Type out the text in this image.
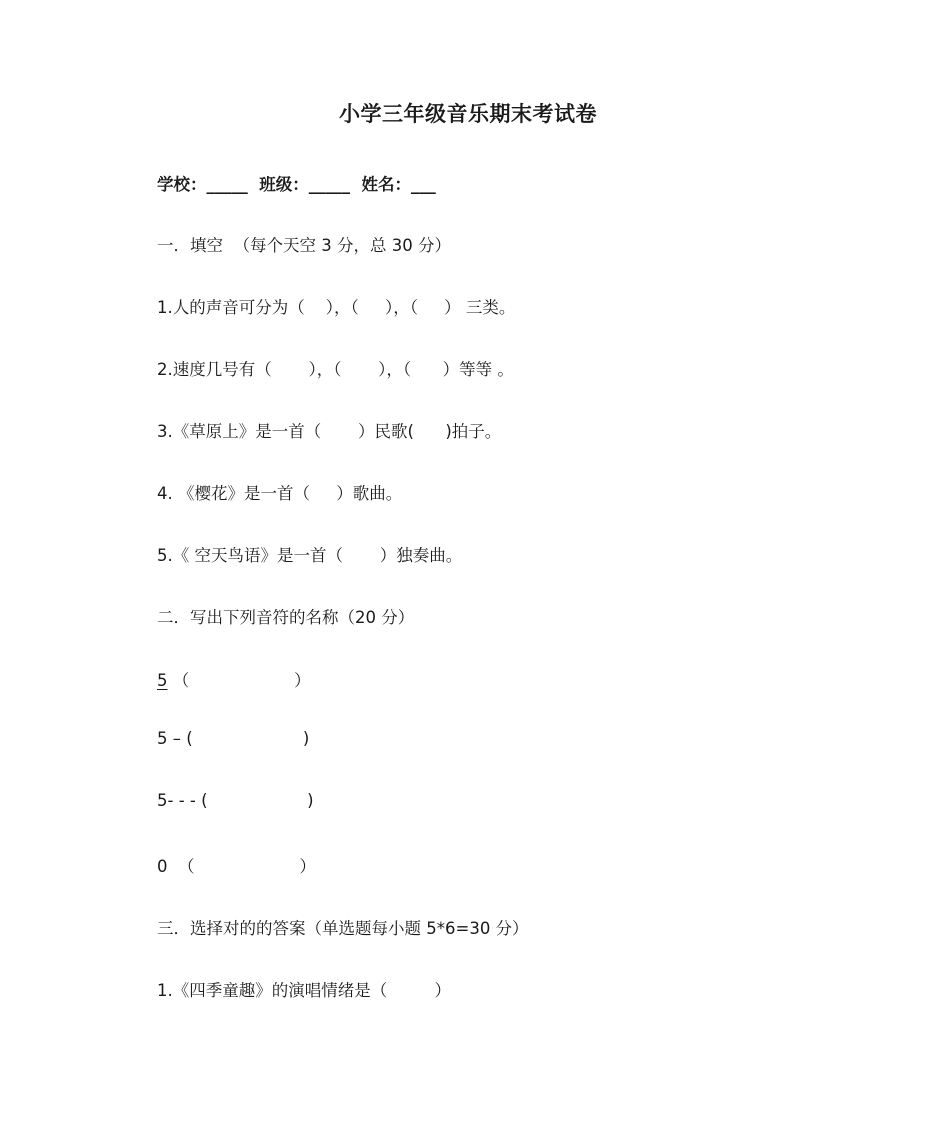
小学三年级音乐期末考试卷
学校：_____  班级：_____  姓名：___
一．填空  （每个天空 3 分，总 30 分）
1.人的声音可分为（    ），（     ），（     ） 三类。
2.速度几号有（       ），（       ），（      ）等等 。
3.《草原上》是一首（       ）民歌(      )拍子。
4. 《樱花》是一首（     ）歌曲。
5.《 空天鸟语》是一首（       ）独奏曲。
二．写出下列音符的名称（20 分）
5 （                    ）
5 – (                     )
5- - - (                   )
0  （                    ）
三．选择对的的答案（单选题每小题 5*6=30 分）
1.《四季童趣》的演唱情绪是（         ）
